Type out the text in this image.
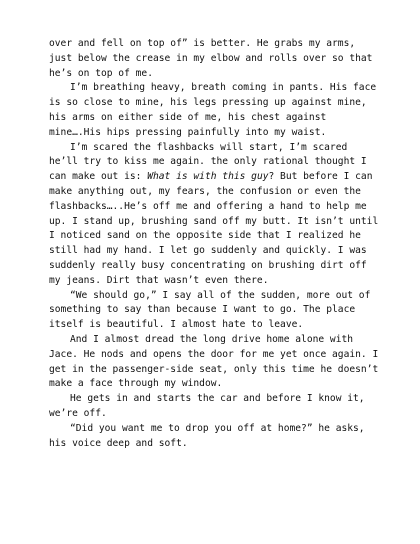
over and fell on top of” is better. He grabs my arms, just below the crease in my elbow and rolls over so that he’s on top of me.

I’m breathing heavy, breath coming in pants. His face is so close to mine, his legs pressing up against mine, his arms on either side of me, his chest against mine….His hips pressing painfully into my waist.

I’m scared the flashbacks will start, I’m scared he’ll try to kiss me again. the only rational thought I can make out is: What is with this guy? But before I can make anything out, my fears, the confusion or even the flashbacks…..He’s off me and offering a hand to help me up. I stand up, brushing sand off my butt. It isn’t until I noticed sand on the opposite side that I realized he still had my hand. I let go suddenly and quickly. I was suddenly really busy concentrating on brushing dirt off my jeans. Dirt that wasn’t even there.

“We should go,” I say all of the sudden, more out of something to say than because I want to go. The place itself is beautiful. I almost hate to leave.

And I almost dread the long drive home alone with Jace. He nods and opens the door for me yet once again. I get in the passenger-side seat, only this time he doesn’t make a face through my window.

He gets in and starts the car and before I know it, we’re off.

“Did you want me to drop you off at home?” he asks, his voice deep and soft.
